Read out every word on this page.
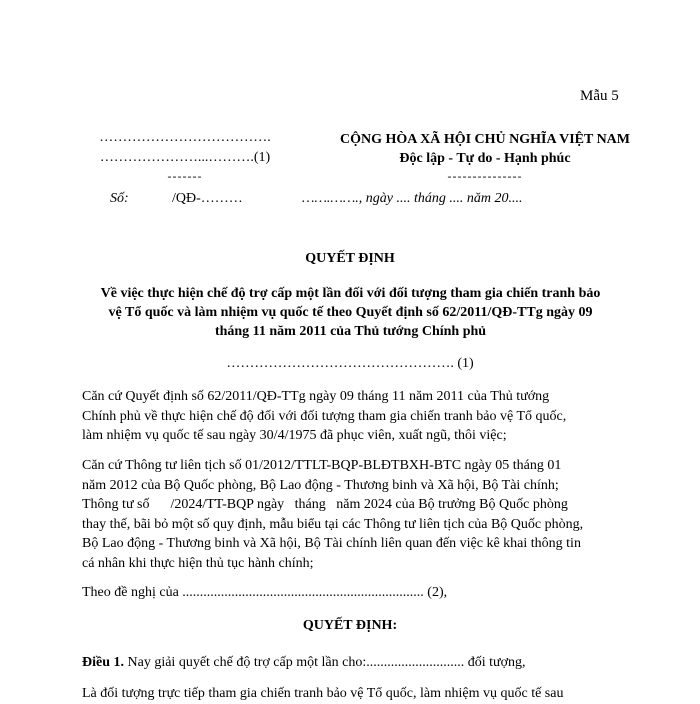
Mẫu 5
……………………………….
…………………...……….(1)
-------
CỘNG HÒA XÃ HỘI CHỦ NGHĨA VIỆT NAM
Độc lập - Tự do - Hạnh phúc
---------------
Số:	/QĐ-………	…….……., ngày .... tháng .... năm 20....
QUYẾT ĐỊNH
Về việc thực hiện chế độ trợ cấp một lần đối với đối tượng tham gia chiến tranh bảo
vệ Tổ quốc và làm nhiệm vụ quốc tế theo Quyết định số 62/2011/QĐ-TTg ngày 09
tháng 11 năm 2011 của Thủ tướng Chính phủ
…………………………………………. (1)
Căn cứ Quyết định số 62/2011/QĐ-TTg ngày 09 tháng 11 năm 2011 của Thủ tướng
Chính phủ về thực hiện chế độ đối với đối tượng tham gia chiến tranh bảo vệ Tổ quốc,
làm nhiệm vụ quốc tế sau ngày 30/4/1975 đã phục viên, xuất ngũ, thôi việc;
Căn cứ Thông tư liên tịch số 01/2012/TTLT-BQP-BLĐTBXH-BTC ngày 05 tháng 01
năm 2012 của Bộ Quốc phòng, Bộ Lao động - Thương binh và Xã hội, Bộ Tài chính;
Thông tư số      /2024/TT-BQP ngày   tháng   năm 2024 của Bộ trưởng Bộ Quốc phòng
thay thế, bãi bỏ một số quy định, mẫu biểu tại các Thông tư liên tịch của Bộ Quốc phòng,
Bộ Lao động - Thương binh và Xã hội, Bộ Tài chính liên quan đến việc kê khai thông tin
cá nhân khi thực hiện thủ tục hành chính;
Theo đề nghị của ..................................................................... (2),
QUYẾT ĐỊNH:
Điều 1. Nay giải quyết chế độ trợ cấp một lần cho:............................ đối tượng,
Là đối tượng trực tiếp tham gia chiến tranh bảo vệ Tổ quốc, làm nhiệm vụ quốc tế sau
